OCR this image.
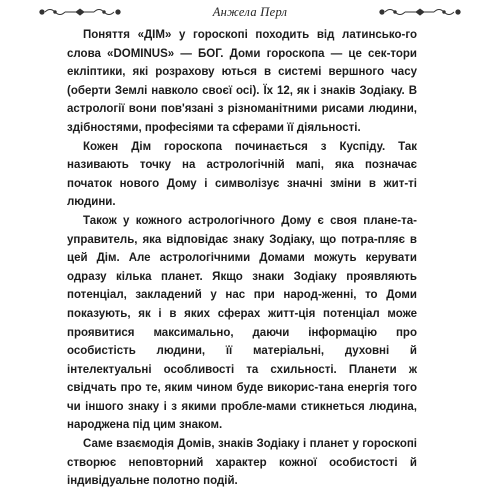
Анжела Перл

Поняття «ДІМ» у гороскопі походить від латинсько-го слова «DOMINUS» — БОГ. Доми гороскопа — це сек-тори екліптики, які розрахову ються в системі вершного часу (оберти Землі навколо своєї осі). Їх 12, як і знаків Зодіаку. В астрології вони пов'язані з різноманітними рисами людини, здібностями, професіями та сферами її діяльності.

Кожен Дім гороскопа починається з Куспіду. Так називають точку на астрологічній мапі, яка позначає початок нового Дому і символізує значні зміни в жит-ті людини.

Також у кожного астрологічного Дому є своя плане-та-управитель, яка відповідає знаку Зодіаку, що потра-пляє в цей Дім. Але астрологічними Домами можуть керувати одразу кілька планет. Якщо знаки Зодіаку проявляють потенціал, закладений у нас при народ-женні, то Доми показують, як і в яких сферах житт-ція потенціал може проявитися максимально, даючи інформацію про особистість людини, її матеріальні, духовні й інтелектуальні особливості та схильності. Планети ж свідчать про те, яким чином буде викорис-тана енергія того чи іншого знаку і з якими пробле-мами стикнеться людина, народжена під цим знаком.

Саме взаємодія Домів, знаків Зодіаку і планет у гороскопі створює неповторний характер кожної особистості й індивідуальне полотно подій.
